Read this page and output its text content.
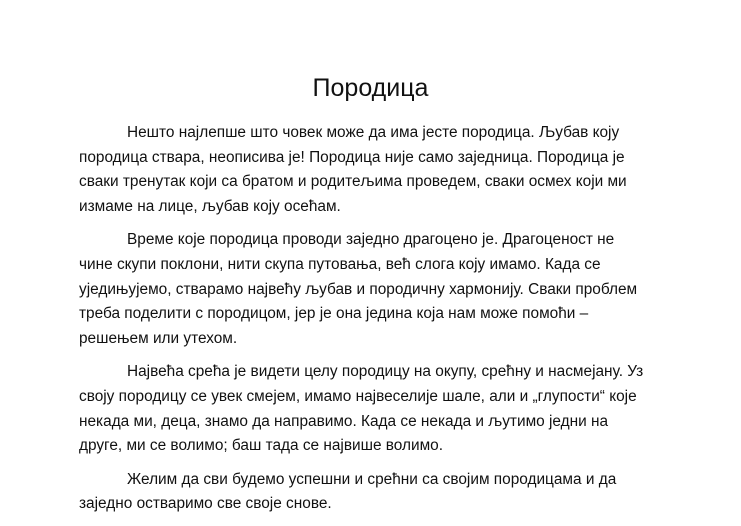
Породица

Нешто најлепше што човек може да има јесте породица. Љубав коју
породица ствара, неописива је! Породица није само заједница. Породица је
сваки тренутак који са братом и родитељима проведем, сваки осмех који ми
измаме на лице, љубав коју осећам.

Време које породица проводи заједно драгоцено је. Драгоценост не
чине скупи поклони, нити скупа путовања, већ слога коју имамо. Када се
уједињујемо, стварамо највећу љубав и породичну хармонију. Сваки проблем
треба поделити с породицом, јер је она једина која нам може помоћи –
решењем или утехом.

Највећа срећа је видети целу породицу на окупу, срећну и насмејану. Уз
своју породицу се увек смејем, имамо највеселије шале, али и „глупости“ које
некада ми, деца, знамо да направимо. Када се некада и љутимо једни на
друге, ми се волимо; баш тада се највише волимо.

Желим да сви будемо успешни и срећни са својим породицама и да
заједно остваримо све своје снове.
